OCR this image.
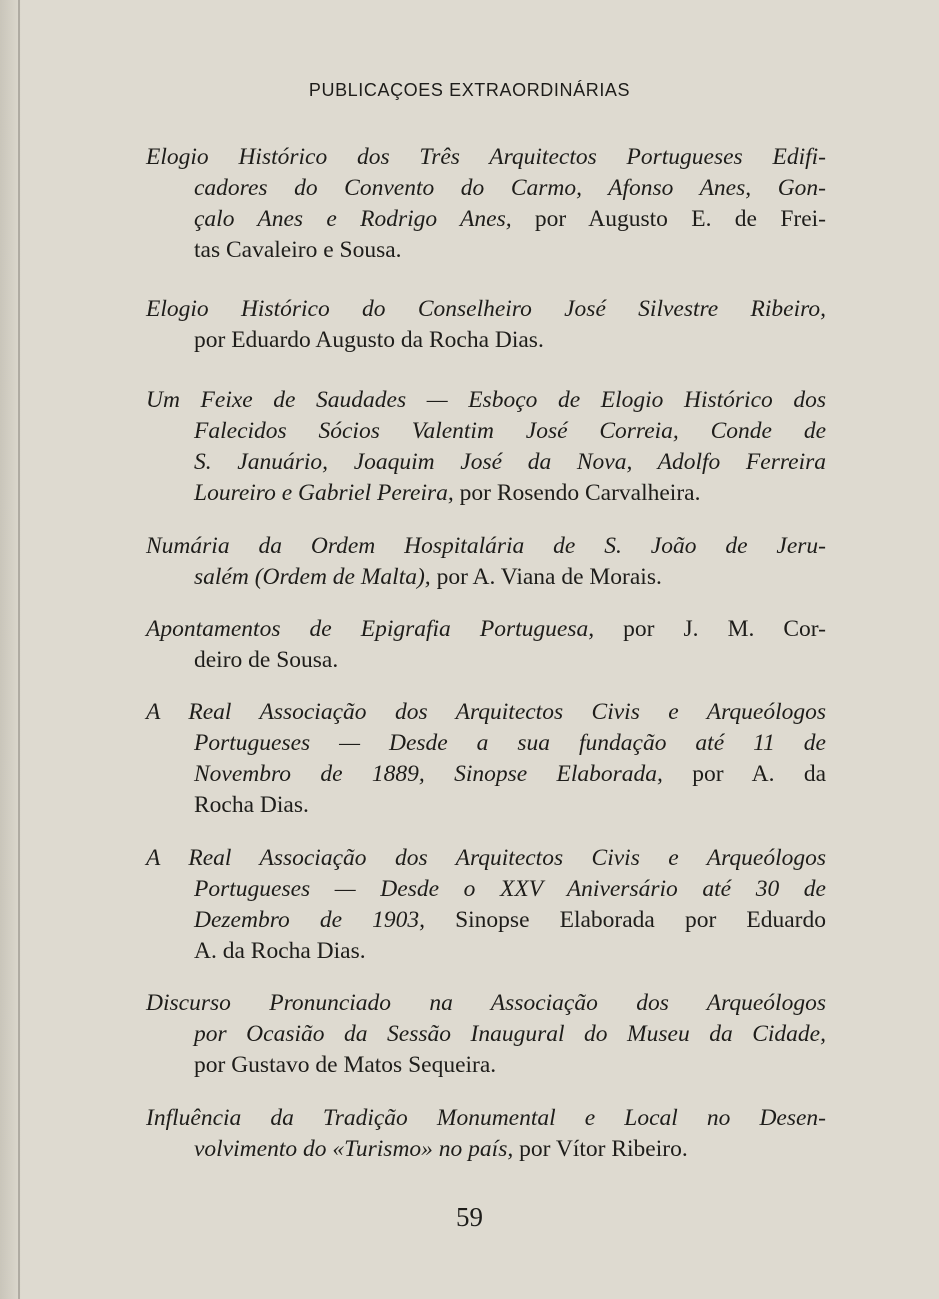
PUBLICAÇOES EXTRAORDINÁRIAS
Elogio Histórico dos Três Arquitectos Portugueses Edifi-
cadores do Convento do Carmo, Afonso Anes, Gon-
çalo Anes e Rodrigo Anes, por Augusto E. de Frei-
tas Cavaleiro e Sousa.
Elogio Histórico do Conselheiro José Silvestre Ribeiro,
por Eduardo Augusto da Rocha Dias.
Um Feixe de Saudades — Esboço de Elogio Histórico dos
Falecidos Sócios Valentim José Correia, Conde de
S. Januário, Joaquim José da Nova, Adolfo Ferreira
Loureiro e Gabriel Pereira, por Rosendo Carvalheira.
Numária da Ordem Hospitalária de S. João de Jeru-
salém (Ordem de Malta), por A. Viana de Morais.
Apontamentos de Epigrafia Portuguesa, por J. M. Cor-
deiro de Sousa.
A Real Associação dos Arquitectos Civis e Arqueólogos
Portugueses — Desde a sua fundação até 11 de
Novembro de 1889, Sinopse Elaborada, por A. da
Rocha Dias.
A Real Associação dos Arquitectos Civis e Arqueólogos
Portugueses — Desde o XXV Aniversário até 30 de
Dezembro de 1903, Sinopse Elaborada por Eduardo
A. da Rocha Dias.
Discurso Pronunciado na Associação dos Arqueólogos
por Ocasião da Sessão Inaugural do Museu da Cidade,
por Gustavo de Matos Sequeira.
Influência da Tradição Monumental e Local no Desen-
volvimento do «Turismo» no país, por Vítor Ribeiro.
59
